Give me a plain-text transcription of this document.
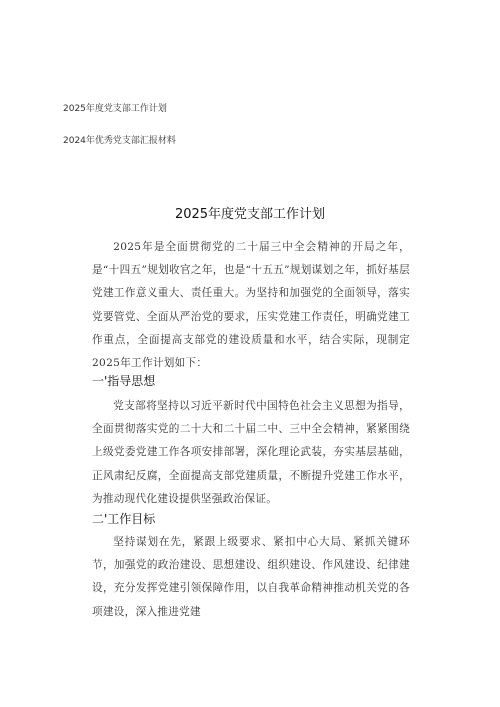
2025年度党支部工作计划
2024年优秀党支部汇报材料
2025年度党支部工作计划

2025年是全面贯彻党的二十届三中全会精神的开局之年，是“十四五”规划收官之年，也是“十五五”规划谋划之年，抓好基层党建工作意义重大、责任重大。为坚持和加强党的全面领导，落实党要管党、全面从严治党的要求，压实党建工作责任，明确党建工作重点，全面提高支部党的建设质量和水平，结合实际，现制定2025年工作计划如下：

一'指导思想

党支部将坚持以习近平新时代中国特色社会主义思想为指导，全面贯彻落实党的二十大和二十届二中、三中全会精神，紧紧围绕上级党委党建工作各项安排部署，深化理论武装，夯实基层基础，正风肃纪反腐，全面提高支部党建质量，不断提升党建工作水平，为推动现代化建设提供坚强政治保证。

二'工作目标

坚持谋划在先，紧跟上级要求、紧扣中心大局、紧抓关键环节，加强党的政治建设、思想建设、组织建设、作风建设、纪律建设，充分发挥党建引领保障作用，以自我革命精神推动机关党的各项建设，深入推进党建
